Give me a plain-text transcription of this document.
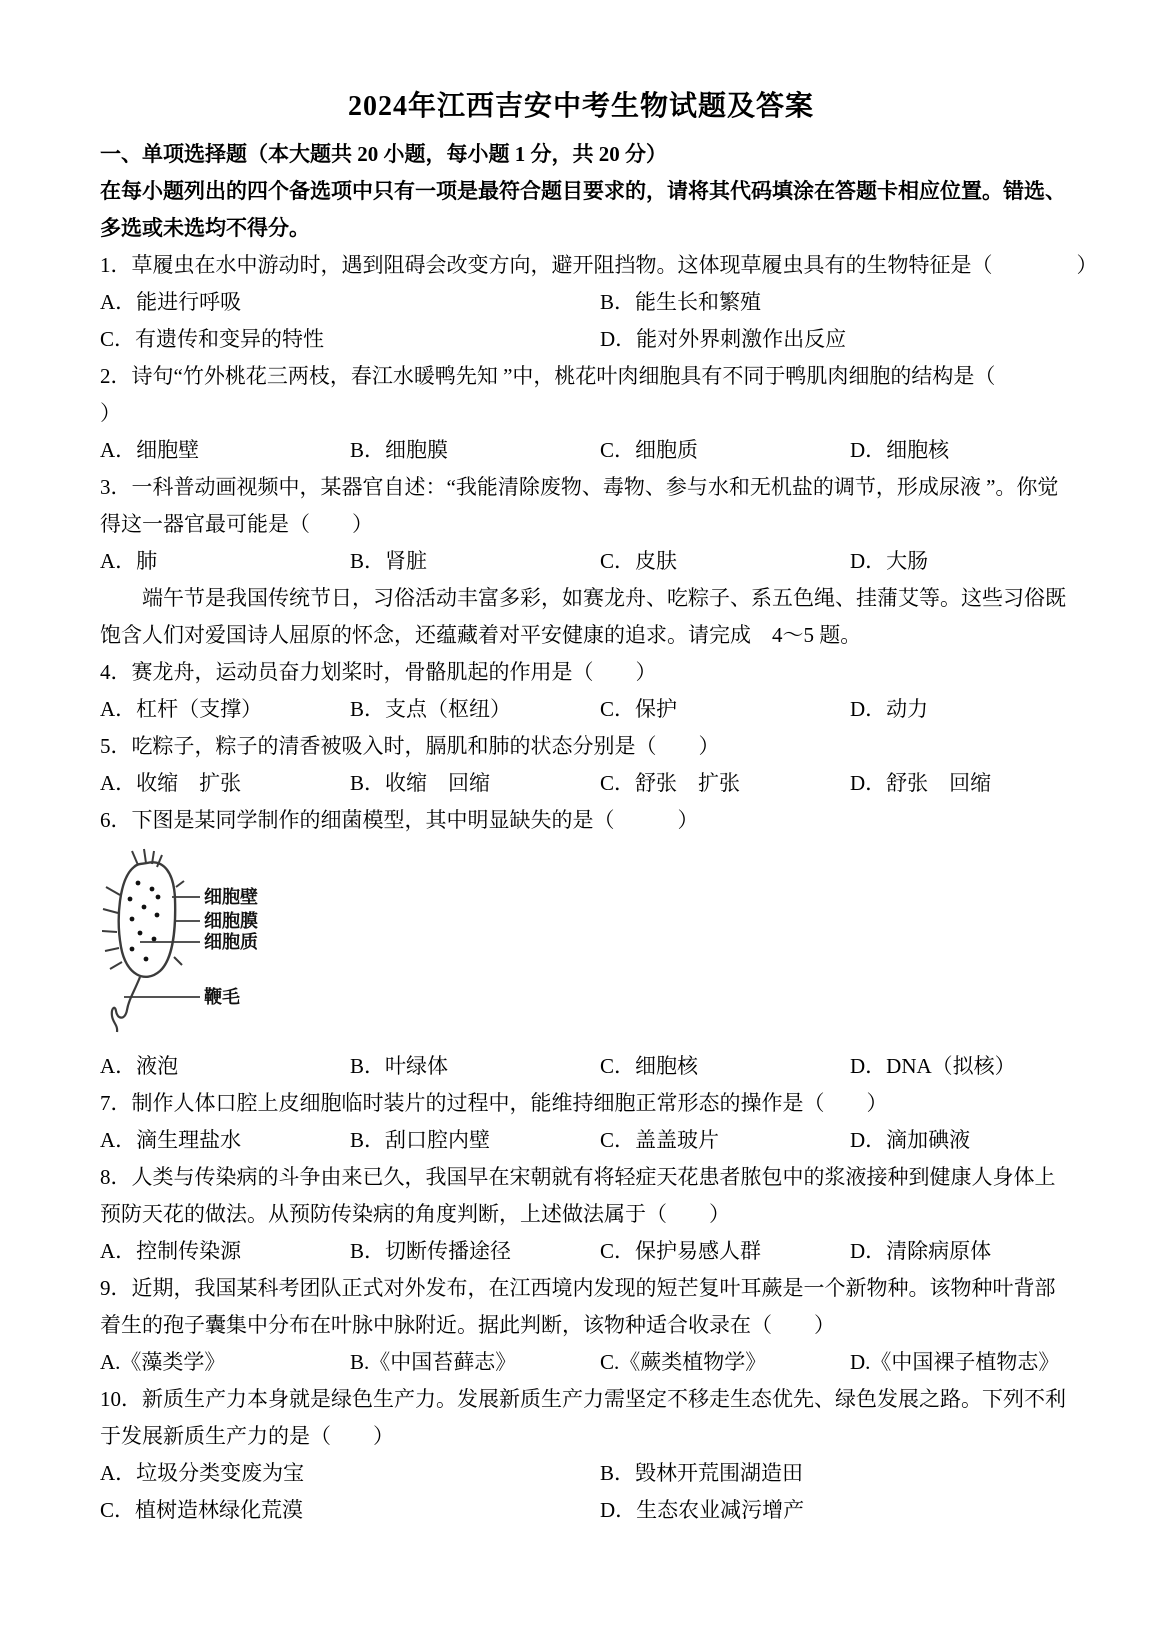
2024年江西吉安中考生物试题及答案

一、单项选择题（本大题共 20 小题，每小题 1 分，共 20 分）

在每小题列出的四个备选项中只有一项是最符合题目要求的，请将其代码填涂在答题卡相应位置。错选、

多选或未选均不得分。

1．草履虫在水中游动时，遇到阻碍会改变方向，避开阻挡物。这体现草履虫具有的生物特征是（　　　　）

A．能进行呼吸	B．能生长和繁殖
C．有遗传和变异的特性	D．能对外界刺激作出反应

2．诗句“竹外桃花三两枝，春江水暖鸭先知 ”中，桃花叶肉细胞具有不同于鸭肌肉细胞的结构是（

）

A．细胞壁	B．细胞膜	C．细胞质	D．细胞核

3．一科普动画视频中，某器官自述：“我能清除废物、毒物、参与水和无机盐的调节，形成尿液 ”。你觉

得这一器官最可能是（　　）

A．肺	B．肾脏	C．皮肤	D．大肠

　　端午节是我国传统节日，习俗活动丰富多彩，如赛龙舟、吃粽子、系五色绳、挂蒲艾等。这些习俗既

饱含人们对爱国诗人屈原的怀念，还蕴藏着对平安健康的追求。请完成　4～5 题。

4．赛龙舟，运动员奋力划桨时，骨骼肌起的作用是（　　）

A．杠杆（支撑）	B．支点（枢纽）	C．保护	D．动力

5．吃粽子，粽子的清香被吸入时，膈肌和肺的状态分别是（　　）

A．收缩　扩张	B．收缩　回缩	C．舒张　扩张	D．舒张　回缩

6．下图是某同学制作的细菌模型，其中明显缺失的是（　　　）

细胞壁
细胞膜
细胞质
鞭毛
A．液泡	B．叶绿体	C．细胞核	D．DNA（拟核）

7．制作人体口腔上皮细胞临时装片的过程中，能维持细胞正常形态的操作是（　　）

A．滴生理盐水	B．刮口腔内壁	C．盖盖玻片	D．滴加碘液

8．人类与传染病的斗争由来已久，我国早在宋朝就有将轻症天花患者脓包中的浆液接种到健康人身体上

预防天花的做法。从预防传染病的角度判断，上述做法属于（　　）

A．控制传染源	B．切断传播途径	C．保护易感人群	D．清除病原体

9．近期，我国某科考团队正式对外发布，在江西境内发现的短芒复叶耳蕨是一个新物种。该物种叶背部

着生的孢子囊集中分布在叶脉中脉附近。据此判断，该物种适合收录在（　　）

A.《藻类学》	B.《中国苔藓志》	C.《蕨类植物学》	D.《中国裸子植物志》

10．新质生产力本身就是绿色生产力。发展新质生产力需坚定不移走生态优先、绿色发展之路。下列不利

于发展新质生产力的是（　　）

A．垃圾分类变废为宝	B．毁林开荒围湖造田
C．植树造林绿化荒漠	D．生态农业减污增产
